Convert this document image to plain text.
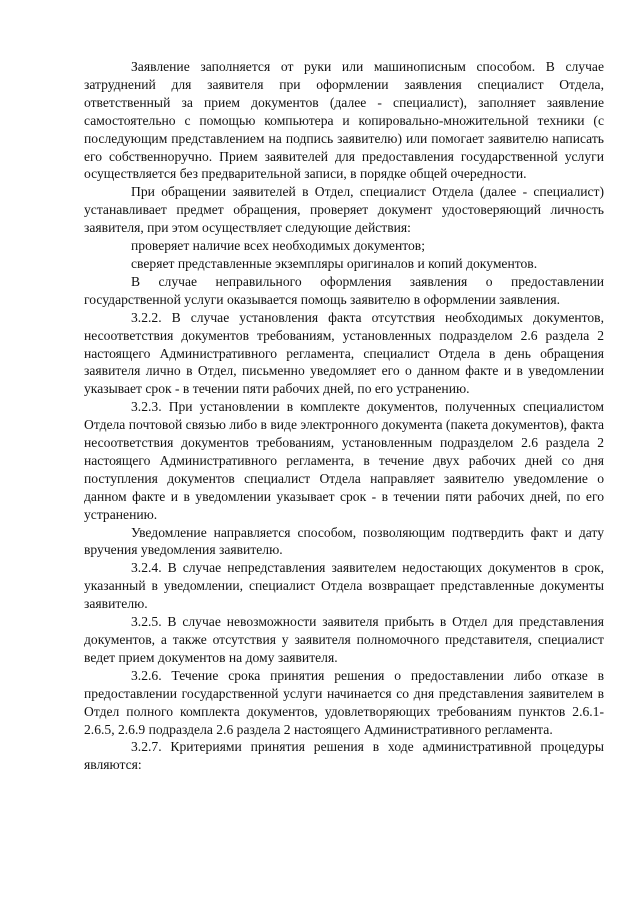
Заявление заполняется от руки или машинописным способом. В случае затруднений для заявителя при оформлении заявления специалист Отдела, ответственный за прием документов (далее - специалист), заполняет заявление самостоятельно с помощью компьютера и копировально-множительной техники (с последующим представлением на подпись заявителю) или помогает заявителю написать его собственноручно. Прием заявителей для предоставления государственной услуги осуществляется без предварительной записи, в порядке общей очередности.

При обращении заявителей в Отдел, специалист Отдела (далее - специалист) устанавливает предмет обращения, проверяет документ удостоверяющий личность заявителя, при этом осуществляет следующие действия:

проверяет наличие всех необходимых документов;

сверяет представленные экземпляры оригиналов и копий документов.

В случае неправильного оформления заявления о предоставлении государственной услуги оказывается помощь заявителю в оформлении заявления.

3.2.2. В случае установления факта отсутствия необходимых документов, несоответствия документов требованиям, установленных подразделом 2.6 раздела 2 настоящего Административного регламента, специалист Отдела в день обращения заявителя лично в Отдел, письменно уведомляет его о данном факте и в уведомлении указывает срок - в течении пяти рабочих дней, по его устранению.

3.2.3. При установлении в комплекте документов, полученных специалистом Отдела почтовой связью либо в виде электронного документа (пакета документов), факта несоответствия документов требованиям, установленным подразделом 2.6 раздела 2 настоящего Административного регламента, в течение двух рабочих дней со дня поступления документов специалист Отдела направляет заявителю уведомление о данном факте и в уведомлении указывает срок - в течении пяти рабочих дней, по его устранению.

Уведомление направляется способом, позволяющим подтвердить факт и дату вручения уведомления заявителю.

3.2.4. В случае непредставления заявителем недостающих документов в срок, указанный в уведомлении, специалист Отдела возвращает представленные документы заявителю.

3.2.5. В случае невозможности заявителя прибыть в Отдел для представления документов, а также отсутствия у заявителя полномочного представителя, специалист ведет прием документов на дому заявителя.

3.2.6. Течение срока принятия решения о предоставлении либо отказе в предоставлении государственной услуги начинается со дня представления заявителем в Отдел полного комплекта документов, удовлетворяющих требованиям пунктов 2.6.1-2.6.5, 2.6.9 подраздела 2.6 раздела 2 настоящего Административного регламента.

3.2.7. Критериями принятия решения в ходе административной процедуры являются:
